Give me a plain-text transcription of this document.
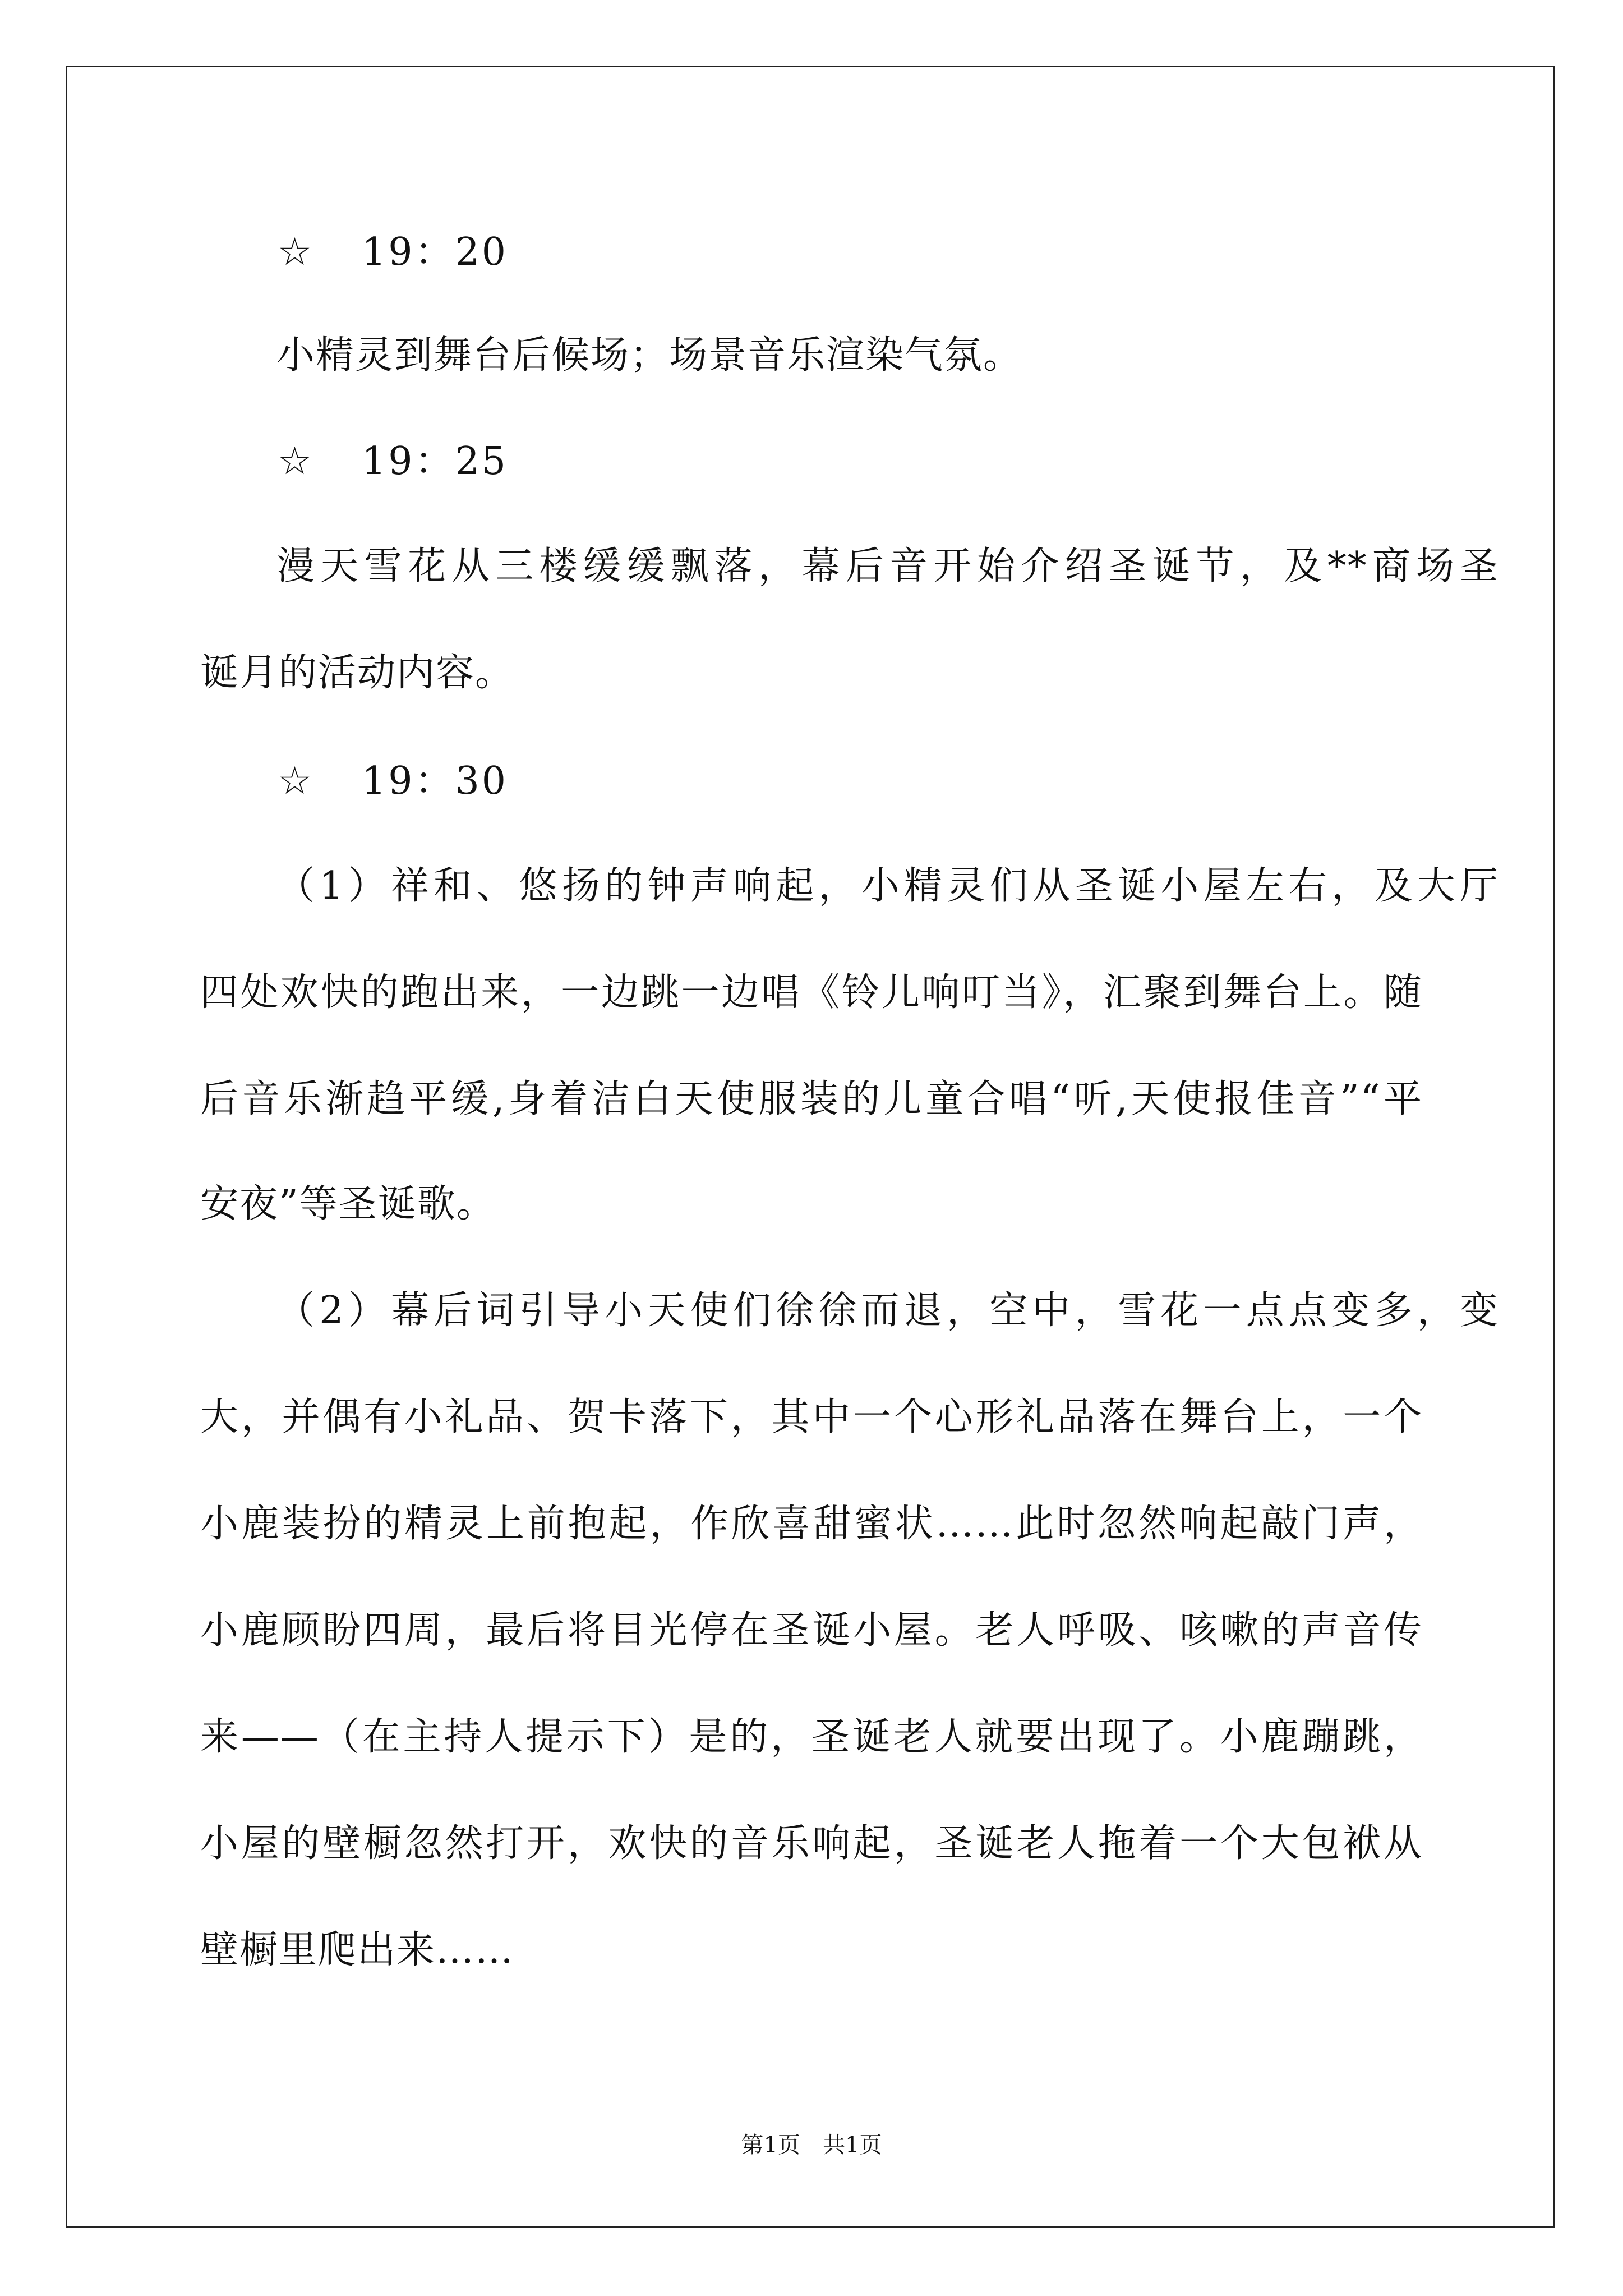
☆ 19：20
小精灵到舞台后候场；场景音乐渲染气氛。
☆ 19：25
漫天雪花从三楼缓缓飘落，幕后音开始介绍圣诞节，及**商场圣
诞月的活动内容。
☆ 19：30
（1）祥和、悠扬的钟声响起，小精灵们从圣诞小屋左右，及大厅
四处欢快的跑出来，一边跳一边唱《铃儿响叮当》，汇聚到舞台上。随
后音乐渐趋平缓,身着洁白天使服装的儿童合唱“听,天使报佳音”“平
安夜”等圣诞歌。
（2）幕后词引导小天使们徐徐而退，空中，雪花一点点变多，变
大，并偶有小礼品、贺卡落下，其中一个心形礼品落在舞台上，一个
小鹿装扮的精灵上前抱起，作欣喜甜蜜状……此时忽然响起敲门声，
小鹿顾盼四周，最后将目光停在圣诞小屋。老人呼吸、咳嗽的声音传
来——（在主持人提示下）是的，圣诞老人就要出现了。小鹿蹦跳，
小屋的壁橱忽然打开，欢快的音乐响起，圣诞老人拖着一个大包袱从
壁橱里爬出来……
第1页　共1页
